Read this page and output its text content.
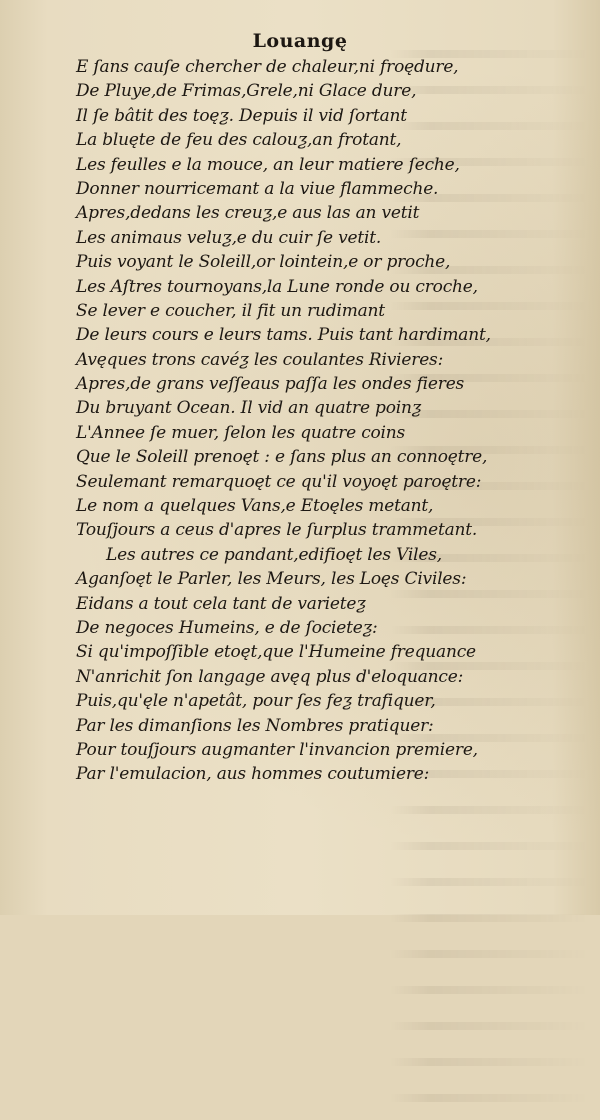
Louangę
E ſans cauſe chercher de chaleur,ni froędure,
De Pluye,de Frimas,Grele,ni Glace dure,
Il ſe bâtit des toęƺ. Depuis il vid ſortant
La bluęte de feu des calouƺ,an frotant,
Les feulles e la mouce, an leur matiere ſeche,
Donner nourricemant a la viue flammeche.
Apres,dedans les creuƺ,e aus las an vetit
Les animaus veluƺ,e du cuir ſe vetit.
Puis voyant le Soleill,or lointein,e or proche,
Les Aſtres tournoyans,la Lune ronde ou croche,
Se lever e coucher, il fit un rudimant
De leurs cours e leurs tams. Puis tant hardimant,
Avęques trons cavéƺ les coulantes Rivieres:
Apres,de grans veſſeaus paſſa les ondes fieres
Du bruyant Ocean. Il vid an quatre poinƺ
L'Annee ſe muer, ſelon les quatre coins
Que le Soleill prenoęt : e ſans plus an connoętre,
Seulemant remarquoęt ce qu'il voyoęt paroętre:
Le nom a quelques Vans,e Etoęles metant,
Touſjours a ceus d'apres le ſurplus trammetant.
Les autres ce pandant,edifioęt les Viles,
Aganſoęt le Parler, les Meurs, les Loęs Civiles:
Eidans a tout cela tant de varieteƺ
De negoces Humeins, e de ſocieteƺ:
Si qu'impoſſible etoęt,que l'Humeine frequance
N'anrichit ſon langage avęq plus d'eloquance:
Puis,qu'ęle n'apetât, pour ſes feƺ trafiquer,
Par les dimanſions les Nombres pratiquer:
Pour touſjours augmanter l'invancion premiere,
Par l'emulacion, aus hommes coutumiere:
